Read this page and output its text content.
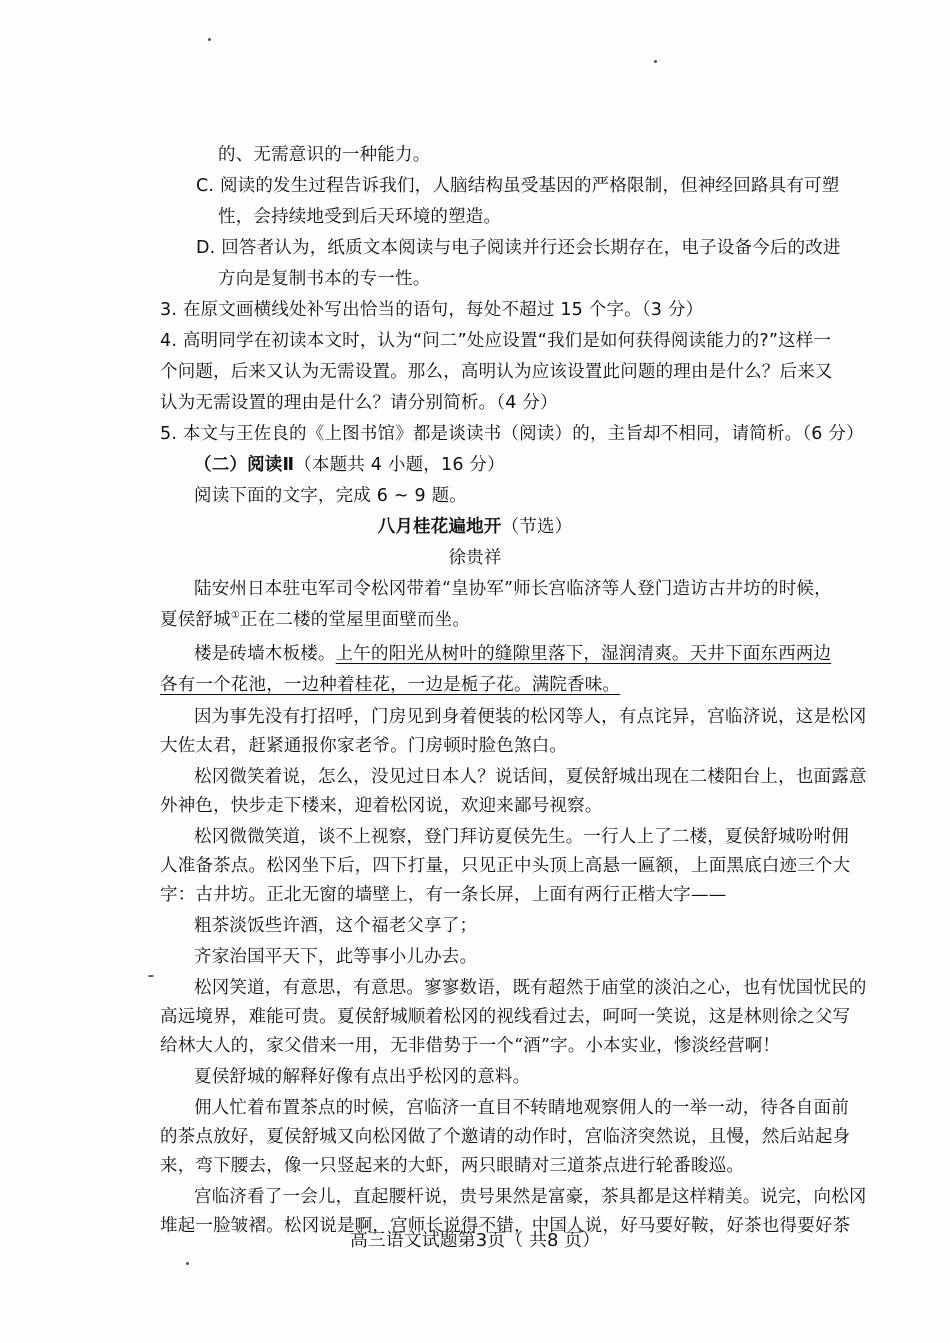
的、无需意识的一种能力。
C. 阅读的发生过程告诉我们，人脑结构虽受基因的严格限制，但神经回路具有可塑
性，会持续地受到后天环境的塑造。
D. 回答者认为，纸质文本阅读与电子阅读并行还会长期存在，电子设备今后的改进
方向是复制书本的专一性。
3. 在原文画横线处补写出恰当的语句，每处不超过 15 个字。（3 分）
4. 高明同学在初读本文时，认为“问二”处应设置“我们是如何获得阅读能力的?”这样一
个问题，后来又认为无需设置。那么，高明认为应该设置此问题的理由是什么？后来又
认为无需设置的理由是什么？请分别简析。（4 分）
5. 本文与王佐良的《上图书馆》都是谈读书（阅读）的，主旨却不相同，请简析。（6 分）
（二）阅读Ⅱ（本题共 4 小题，16 分）
阅读下面的文字，完成 6 ~ 9 题。
八月桂花遍地开（节选）
徐贵祥
陆安州日本驻屯军司令松冈带着“皇协军”师长宫临济等人登门造访古井坊的时候，
夏侯舒城①正在二楼的堂屋里面壁而坐。
楼是砖墙木板楼。上午的阳光从树叶的缝隙里落下，湿润清爽。天井下面东西两边
各有一个花池，一边种着桂花，一边是栀子花。满院香味。
因为事先没有打招呼，门房见到身着便装的松冈等人，有点诧异，宫临济说，这是松冈
大佐太君，赶紧通报你家老爷。门房顿时脸色煞白。
松冈微笑着说，怎么，没见过日本人？说话间，夏侯舒城出现在二楼阳台上，也面露意
外神色，快步走下楼来，迎着松冈说，欢迎来鄙号视察。
松冈微微笑道，谈不上视察，登门拜访夏侯先生。一行人上了二楼，夏侯舒城吩咐佣
人准备茶点。松冈坐下后，四下打量，只见正中头顶上高悬一匾额，上面黑底白迹三个大
字：古井坊。正北无窗的墙壁上，有一条长屏，上面有两行正楷大字——
粗茶淡饭些许酒，这个福老父享了；
齐家治国平天下，此等事小儿办去。
松冈笑道，有意思，有意思。寥寥数语，既有超然于庙堂的淡泊之心，也有忧国忧民的
高远境界，难能可贵。夏侯舒城顺着松冈的视线看过去，呵呵一笑说，这是林则徐之父写
给林大人的，家父借来一用，无非借势于一个“酒”字。小本实业，惨淡经营啊！
夏侯舒城的解释好像有点出乎松冈的意料。
佣人忙着布置茶点的时候，宫临济一直目不转睛地观察佣人的一举一动，待各自面前
的茶点放好，夏侯舒城又向松冈做了个邀请的动作时，宫临济突然说，且慢，然后站起身
来，弯下腰去，像一只竖起来的大虾，两只眼睛对三道茶点进行轮番睃巡。
宫临济看了一会儿，直起腰杆说，贵号果然是富豪，茶具都是这样精美。说完，向松冈
堆起一脸皱褶。松冈说是啊，宫师长说得不错，中国人说，好马要好鞍，好茶也得要好茶
高三语文试题第3页（ 共8 页）
